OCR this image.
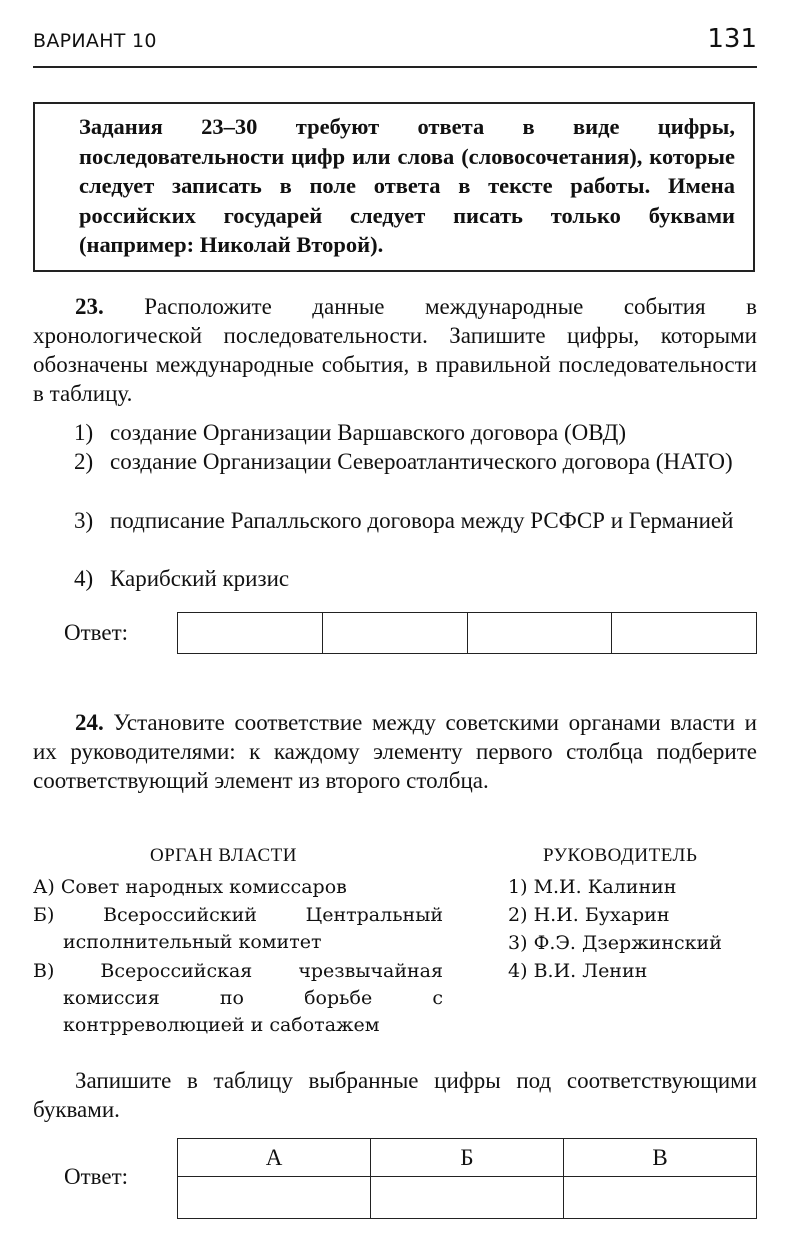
ВАРИАНТ 10	131

Задания 23–30 требуют ответа в виде цифры, последовательности цифр или слова (словосочетания), которые следует записать в поле ответа в тексте работы. Имена российских государей следует писать только буквами (например: Николай Второй).

23. Расположите данные международные события в хронологической последовательности. Запишите цифры, которыми обозначены международные события, в правильной последовательности в таблицу.

1) создание Организации Варшавского договора (ОВД)
2) создание Организации Североатлантического договора (НАТО)
3) подписание Рапалльского договора между РСФСР и Германией
4) Карибский кризис
Ответ:

24. Установите соответствие между советскими органами власти и их руководителями: к каждому элементу первого столбца подберите соответствующий элемент из второго столбца.

ОРГАН ВЛАСТИ	РУКОВОДИТЕЛЬ
А) Совет народных комиссаров
Б)	Всероссийский Центральный исполнительный комитет
В) Всероссийская чрезвычайная комиссия по борьбе с контрреволюцией и саботажем
1) М.И. Калинин
2) Н.И. Бухарин
3) Ф.Э. Дзержинский
4) В.И. Ленин

Запишите в таблицу выбранные цифры под соответствующими буквами.

Ответ:
А	Б	В
